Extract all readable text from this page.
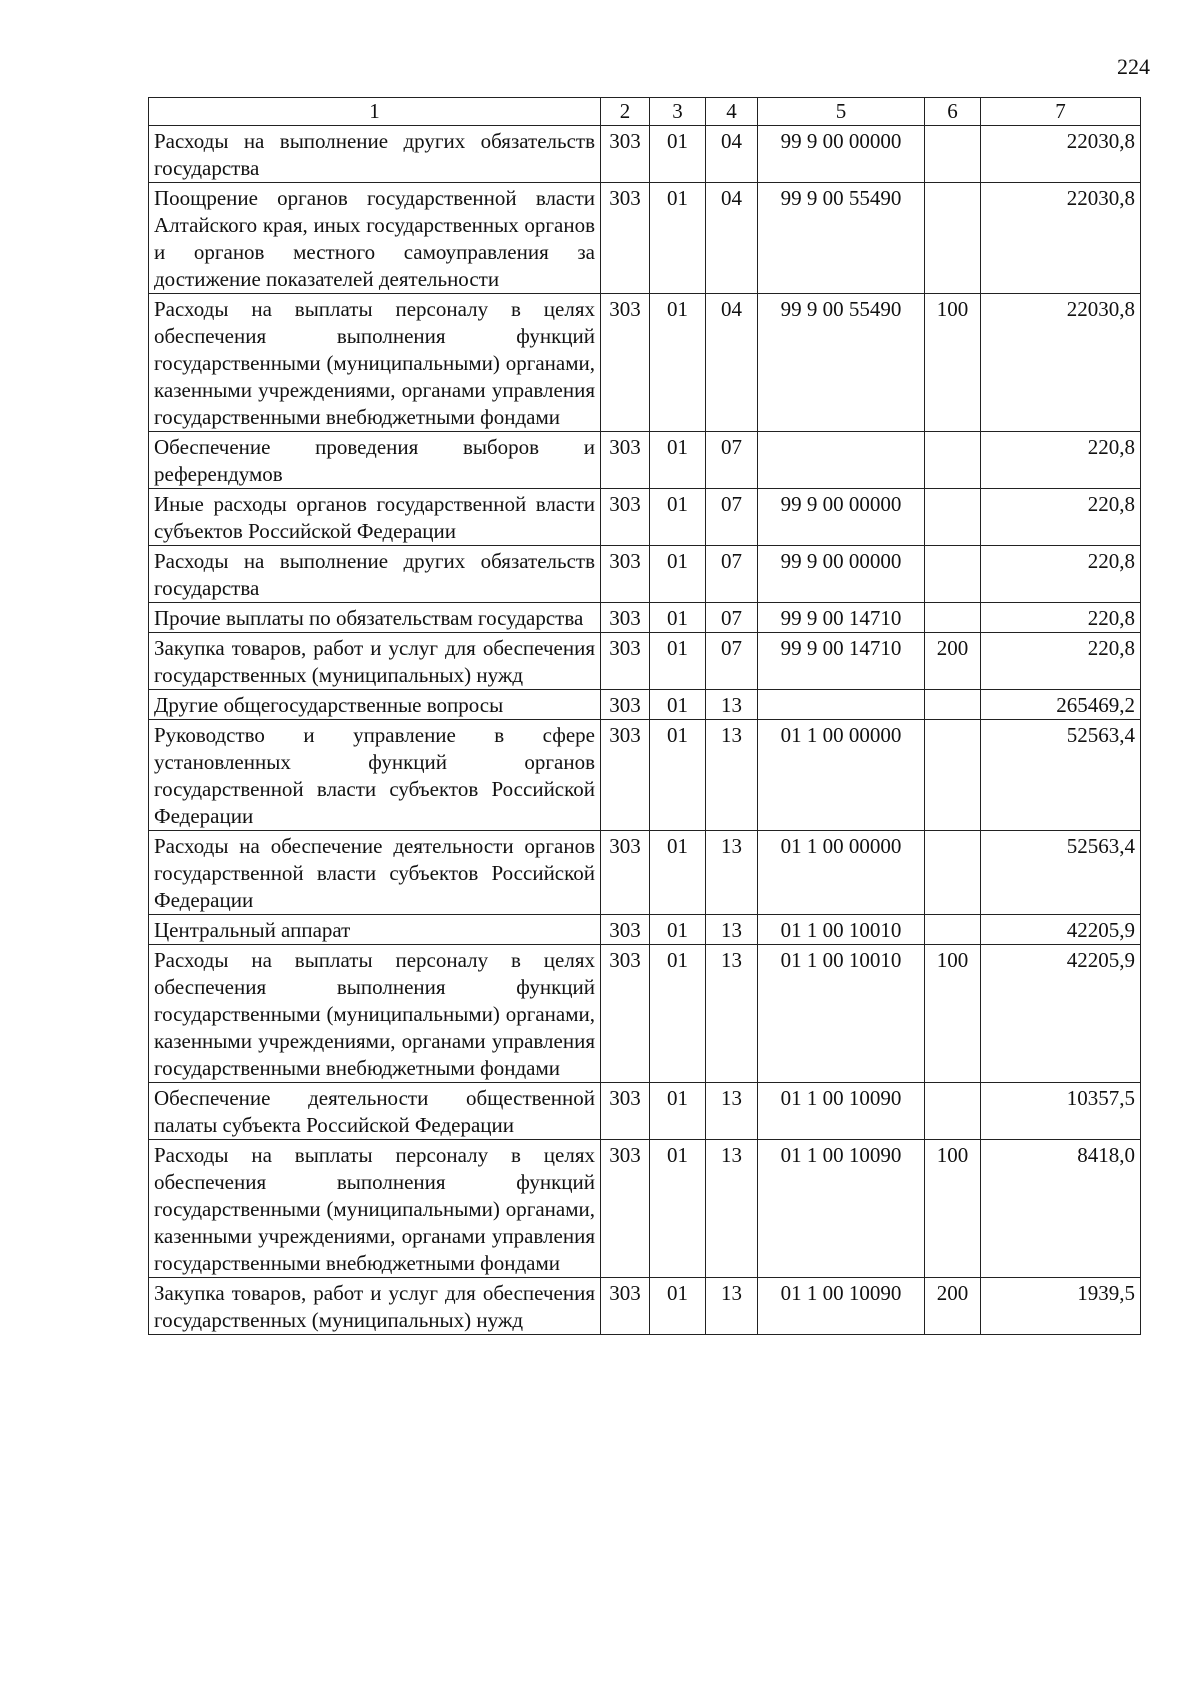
224
1	2	3	4	5	6	7
Расходы на выполнение других обязательств государства	303	01	04	99 9 00 00000		22030,8
Поощрение органов государственной власти Алтайского края, иных государственных органов и органов местного самоуправления за достижение показателей деятельности	303	01	04	99 9 00 55490		22030,8
Расходы на выплаты персоналу в целях обеспечения выполнения функций государственными (муниципальными) органами, казенными учреждениями, органами управления государственными внебюджетными фондами	303	01	04	99 9 00 55490	100	22030,8
Обеспечение проведения выборов и референдумов	303	01	07			220,8
Иные расходы органов государственной власти субъектов Российской Федерации	303	01	07	99 9 00 00000		220,8
Расходы на выполнение других обязательств государства	303	01	07	99 9 00 00000		220,8
Прочие выплаты по обязательствам государства	303	01	07	99 9 00 14710		220,8
Закупка товаров, работ и услуг для обеспечения государственных (муниципальных) нужд	303	01	07	99 9 00 14710	200	220,8
Другие общегосударственные вопросы	303	01	13			265469,2
Руководство и управление в сфере установленных функций органов государственной власти субъектов Российской Федерации	303	01	13	01 1 00 00000		52563,4
Расходы на обеспечение деятельности органов государственной власти субъектов Российской Федерации	303	01	13	01 1 00 00000		52563,4
Центральный аппарат	303	01	13	01 1 00 10010		42205,9
Расходы на выплаты персоналу в целях обеспечения выполнения функций государственными (муниципальными) органами, казенными учреждениями, органами управления государственными внебюджетными фондами	303	01	13	01 1 00 10010	100	42205,9
Обеспечение деятельности общественной палаты субъекта Российской Федерации	303	01	13	01 1 00 10090		10357,5
Расходы на выплаты персоналу в целях обеспечения выполнения функций государственными (муниципальными) органами, казенными учреждениями, органами управления государственными внебюджетными фондами	303	01	13	01 1 00 10090	100	8418,0
Закупка товаров, работ и услуг для обеспечения государственных (муниципальных) нужд	303	01	13	01 1 00 10090	200	1939,5
